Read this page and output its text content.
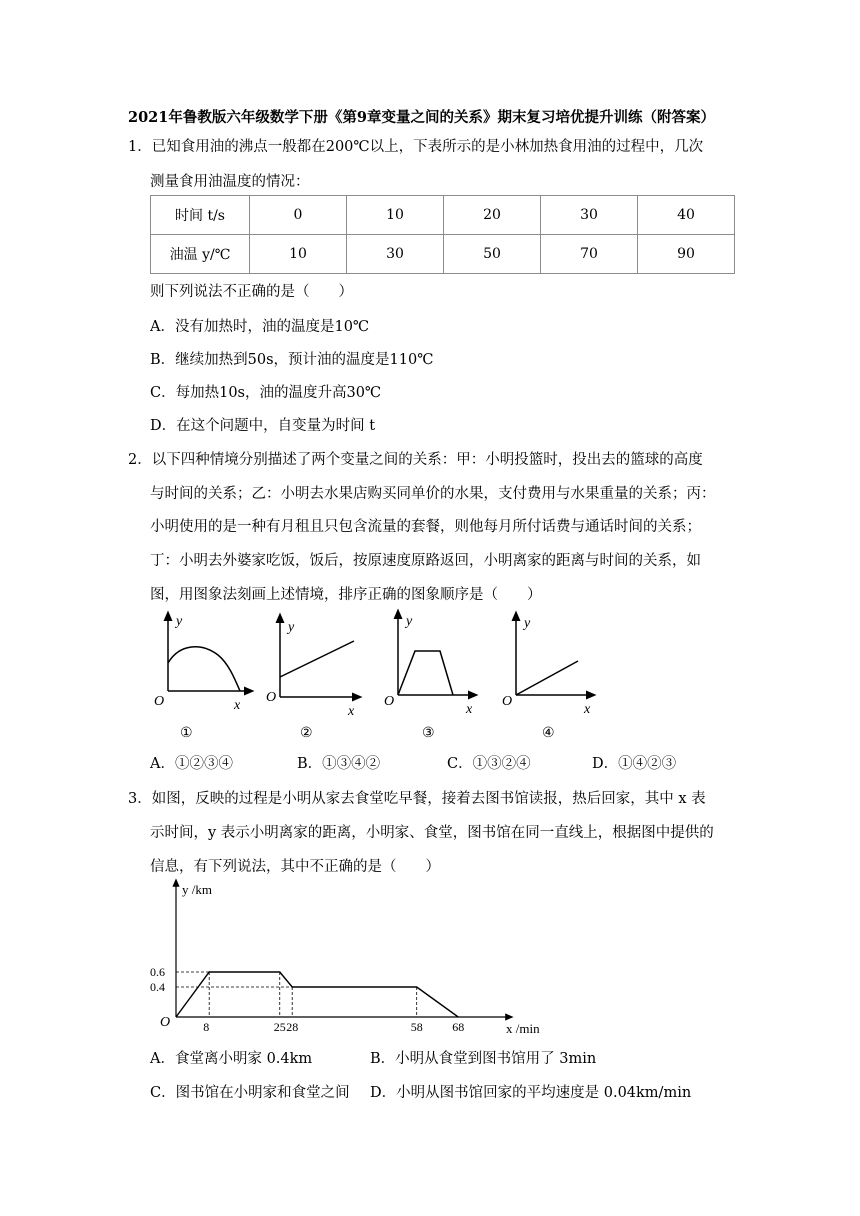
2021年鲁教版六年级数学下册《第9章变量之间的关系》期末复习培优提升训练（附答案）
1．已知食用油的沸点一般都在200℃以上，下表所示的是小林加热食用油的过程中，几次
测量食用油温度的情况：
时间 t/s	0	10	20	30	40
油温 y/℃	10	30	50	70	90
则下列说法不正确的是（　　）
A．没有加热时，油的温度是10℃
B．继续加热到50s，预计油的温度是110℃
C．每加热10s，油的温度升高30℃
D．在这个问题中，自变量为时间 t
2．以下四种情境分别描述了两个变量之间的关系：甲：小明投篮时，投出去的篮球的高度
与时间的关系；乙：小明去水果店购买同单价的水果，支付费用与水果重量的关系；丙：
小明使用的是一种有月租且只包含流量的套餐，则他每月所付话费与通话时间的关系；
丁：小明去外婆家吃饭，饭后，按原速度原路返回，小明离家的距离与时间的关系，如
图，用图象法刻画上述情境，排序正确的图象顺序是（　　）
y
O	x
①
y
O
x
②
y
O
x
③
y
O
x
④
A．①②③④	B．①③④②	C．①③②④	D．①④②③
3．如图，反映的过程是小明从家去食堂吃早餐，接着去图书馆读报，热后回家，其中 x 表
示时间，y 表示小明离家的距离，小明家、食堂，图书馆在同一直线上，根据图中提供的
信息，有下列说法，其中不正确的是（　　）
y /km
x /min
O	8	25 28	58 68
0.6
0.4
A．食堂离小明家 0.4km	B．小明从食堂到图书馆用了 3min
C．图书馆在小明家和食堂之间 D．小明从图书馆回家的平均速度是 0.04km/min
